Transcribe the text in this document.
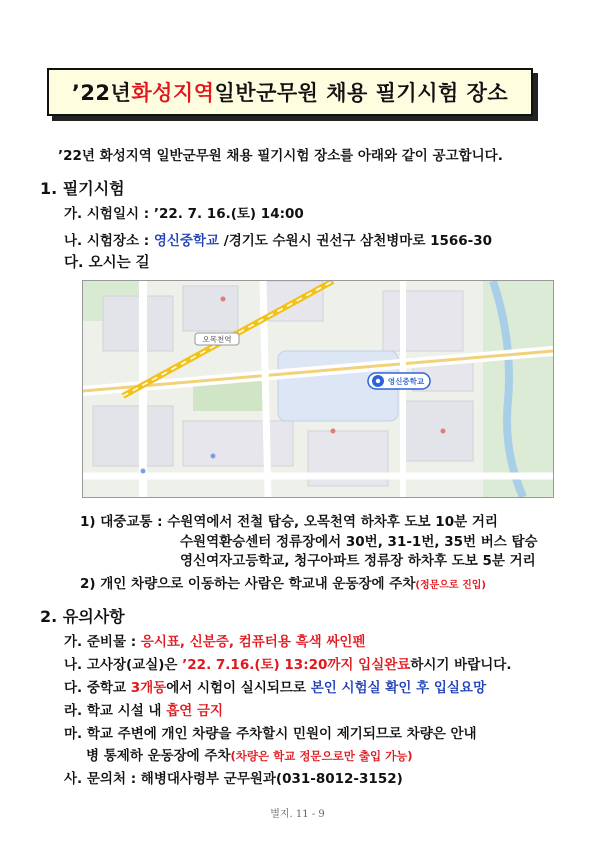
’22년 화성지역 일반군무원 채용 필기시험 장소
’22년 화성지역 일반군무원 채용 필기시험 장소를 아래와 같이 공고합니다.
1. 필기시험
가. 시험일시 : ’22. 7. 16.(토) 14:00
나. 시험장소 : 영신중학교 /경기도 수원시 권선구 삼천병마로 1566-30
다. 오시는 길
오목천역
영신중학교
1) 대중교통 : 수원역에서 전철 탑승, 오목천역 하차후 도보 10분 거리
수원역환승센터 정류장에서 30번, 31-1번, 35번 버스 탑승
영신여자고등학교, 청구아파트 정류장 하차후 도보 5분 거리
2) 개인 차량으로 이동하는 사람은 학교내 운동장에 주차(정문으로 진입)
2. 유의사항
가. 준비물 : 응시표, 신분증, 컴퓨터용 흑색 싸인펜
나. 고사장(교실)은 ’22. 7.16.(토) 13:20까지 입실완료하시기 바랍니다.
다. 중학교 3개동에서 시험이 실시되므로 본인 시험실 확인 후 입실요망
라. 학교 시설 내 흡연 금지
마. 학교 주변에 개인 차량을 주차할시 민원이 제기되므로 차량은 안내
병 통제하 운동장에 주차(차량은 학교 정문으로만 출입 가능)
사. 문의처 : 해병대사령부 군무원과(031-8012-3152)
별지. 11 - 9
